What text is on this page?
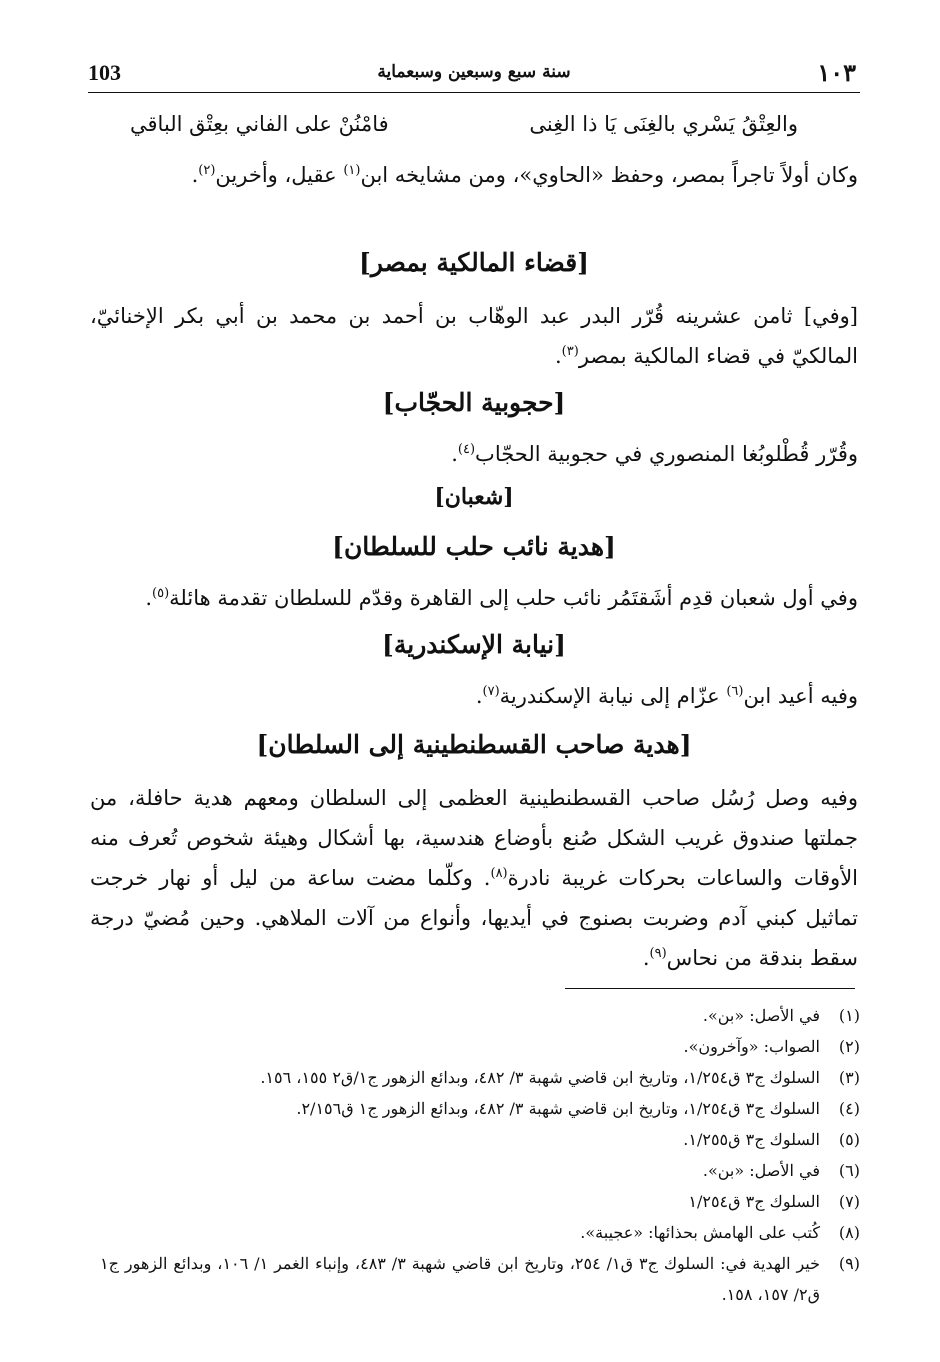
103	سنة سبع وسبعين وسبعماية	١٠٣
والعِتْقُ يَسْري بالغِنَى يَا ذا الغِنى
فامْنُنْ على الفاني بعِتْق الباقي

وكان أولاً تاجراً بمصر، وحفظ «الحاوي»، ومن مشايخه ابن$^{(١)}$ عقيل، وأخرين$^{(٢)}$.

[قضاء المالكية بمصر]

[وفي] ثامن عشرينه قُرّر البدر عبد الوهّاب بن أحمد بن محمد بن أبي بكر الإخنائيّ، المالكيّ في قضاء المالكية بمصر$^{(٣)}$.

[حجوبية الحجّاب]

وقُرّر قُطْلوبُغا المنصوري في حجوبية الحجّاب$^{(٤)}$.

[شعبان]
[هدية نائب حلب للسلطان]

وفي أول شعبان قدِم أشَقتَمُر نائب حلب إلى القاهرة وقدّم للسلطان تقدمة هائلة$^{(٥)}$.

[نيابة الإسكندرية]

وفيه أعيد ابن$^{(٦)}$ عزّام إلى نيابة الإسكندرية$^{(٧)}$.

[هدية صاحب القسطنطينية إلى السلطان]

وفيه وصل رُسُل صاحب القسطنطينية العظمى إلى السلطان ومعهم هدية حافلة، من جملتها صندوق غريب الشكل صُنع بأوضاع هندسية، بها أشكال وهيئة شخوص تُعرف منه الأوقات والساعات بحركات غريبة نادرة$^{(٨)}$. وكلّما مضت ساعة من ليل أو نهار خرجت تماثيل كبني آدم وضربت بصنوج في أيديها، وأنواع من آلات الملاهي. وحين مُضيّ درجة سقط بندقة من نحاس$^{(٩)}$.

(١)
في الأصل: «بن».
(٢)
الصواب: «وآخرون».
(٣)
السلوك ج٣ ق١/٢٥٤، وتاريخ ابن قاضي شهبة ٣/ ٤٨٢، وبدائع الزهور ج١/ق٢ ١٥٥، ١٥٦.
(٤)
السلوك ج٣ ق١/٢٥٤، وتاريخ ابن قاضي شهبة ٣/ ٤٨٢، وبدائع الزهور ج١ ق٢/١٥٦.
(٥)
السلوك ج٣ ق١/٢٥٥.
(٦)
في الأصل: «بن».
(٧)
السلوك ج٣ ق١/٢٥٤
(٨)
كُتب على الهامش بحذائها: «عجيبة».
(٩)
خير الهدية في: السلوك ج٣ ق١/ ٢٥٤، وتاريخ ابن قاضي شهبة ٣/ ٤٨٣، وإنباء الغمر ١/ ١٠٦، وبدائع الزهور ج١ ق٢/ ١٥٧، ١٥٨.
